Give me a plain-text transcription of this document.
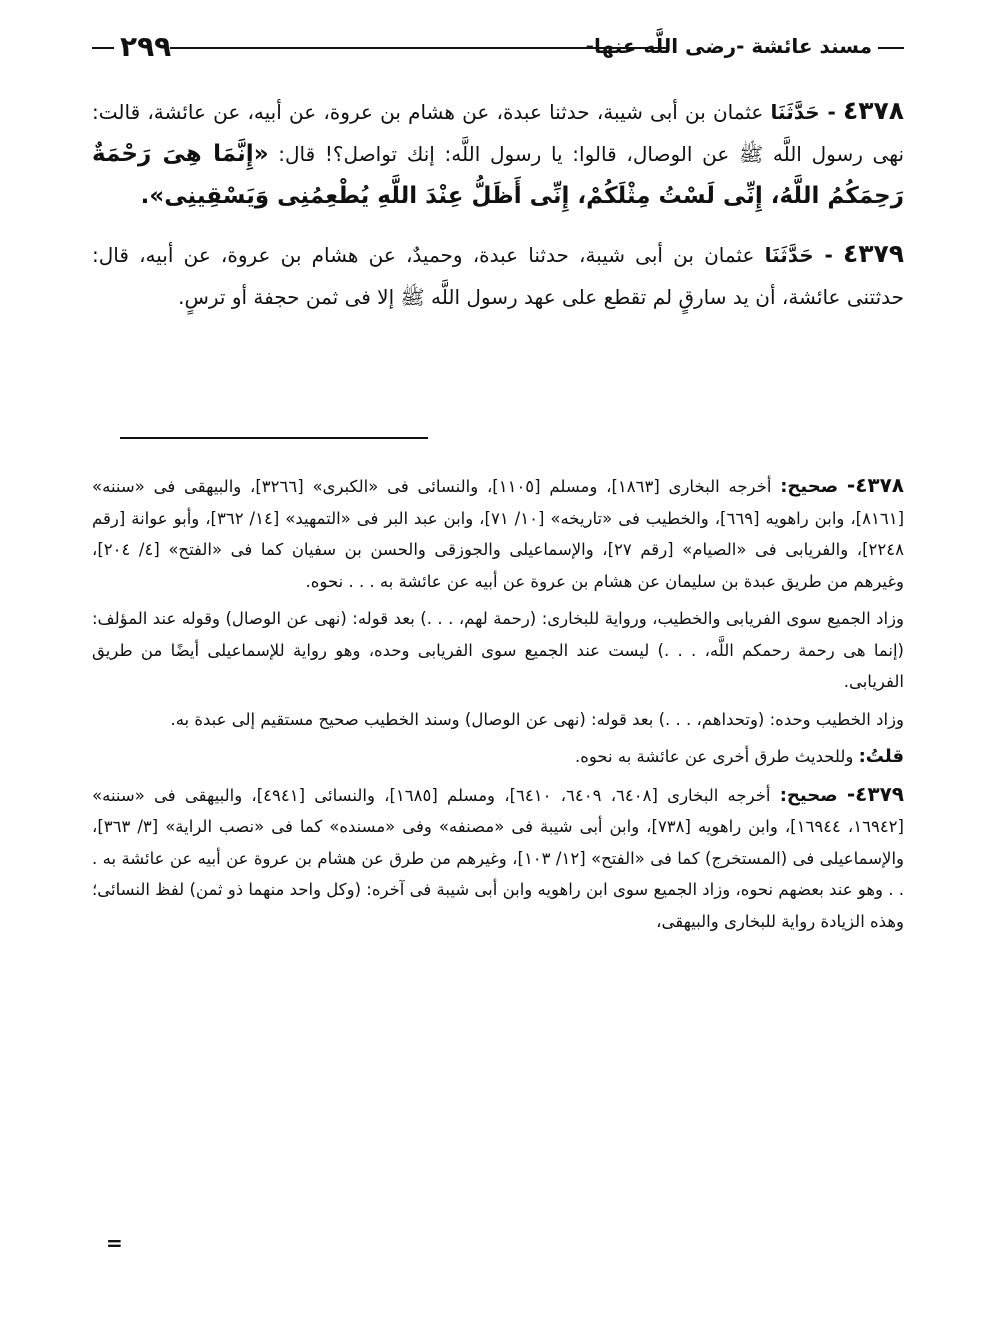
مسند عائشة -رضى اللَّه عنها-
٢٩٩

٤٣٧٨ - حَدَّثَنَا عثمان بن أبى شيبة، حدثنا عبدة، عن هشام بن عروة، عن أبيه، عن عائشة، قالت: نهى رسول اللَّه ﷺ عن الوصال، قالوا: يا رسول اللَّه: إنك تواصل؟! قال: «إِنَّمَا هِىَ رَحْمَةٌ رَحِمَكُمُ اللَّهُ، إِنِّى لَسْتُ مِثْلَكُمْ، إِنِّى أَظَلُّ عِنْدَ اللَّهِ يُطْعِمُنِى وَيَسْقِينِى».

٤٣٧٩ - حَدَّثَنَا عثمان بن أبى شيبة، حدثنا عبدة، وحميدٌ، عن هشام بن عروة، عن أبيه، قال: حدثتنى عائشة، أن يد سارقٍ لم تقطع على عهد رسول اللَّه ﷺ إلا فى ثمن حجفة أو ترسٍ.

٤٣٧٨- صحيح: أخرجه البخارى [١٨٦٣]، ومسلم [١١٠٥]، والنسائى فى «الكبرى» [٣٢٦٦]، والبيهقى فى «سننه» [٨١٦١]، وابن راهويه [٦٦٩]، والخطيب فى «تاريخه» [١٠/ ٧١]، وابن عبد البر فى «التمهيد» [١٤/ ٣٦٢]، وأبو عوانة [رقم ٢٢٤٨]، والفريابى فى «الصيام» [رقم ٢٧]، والإسماعيلى والجوزقى والحسن بن سفيان كما فى «الفتح» [٤/ ٢٠٤]، وغيرهم من طريق عبدة بن سليمان عن هشام بن عروة عن أبيه عن عائشة به . . . نحوه.

وزاد الجميع سوى الفريابى والخطيب، ورواية للبخارى: (رحمة لهم، . . .) بعد قوله: (نهى عن الوصال) وقوله عند المؤلف: (إنما هى رحمة رحمكم اللَّه، . . .) ليست عند الجميع سوى الفريابى وحده، وهو رواية للإسماعيلى أيضًا من طريق الفريابى.

وزاد الخطيب وحده: (وتحداهم، . . .) بعد قوله: (نهى عن الوصال) وسند الخطيب صحيح مستقيم إلى عبدة به.

قلتُ: وللحديث طرق أخرى عن عائشة به نحوه.

٤٣٧٩- صحيح: أخرجه البخارى [٦٤٠٨، ٦٤٠٩، ٦٤١٠]، ومسلم [١٦٨٥]، والنسائى [٤٩٤١]، والبيهقى فى «سننه» [١٦٩٤٢، ١٦٩٤٤]، وابن راهويه [٧٣٨]، وابن أبى شيبة فى «مصنفه» وفى «مسنده» كما فى «نصب الراية» [٣/ ٣٦٣]، والإسماعيلى فى (المستخرج) كما فى «الفتح» [١٢/ ١٠٣]، وغيرهم من طرق عن هشام بن عروة عن أبيه عن عائشة به . . . وهو عند بعضهم نحوه، وزاد الجميع سوى ابن راهويه وابن أبى شيبة فى آخره: (وكل واحد منهما ذو ثمن) لفظ النسائى؛ وهذه الزيادة رواية للبخارى والبيهقى،

=
